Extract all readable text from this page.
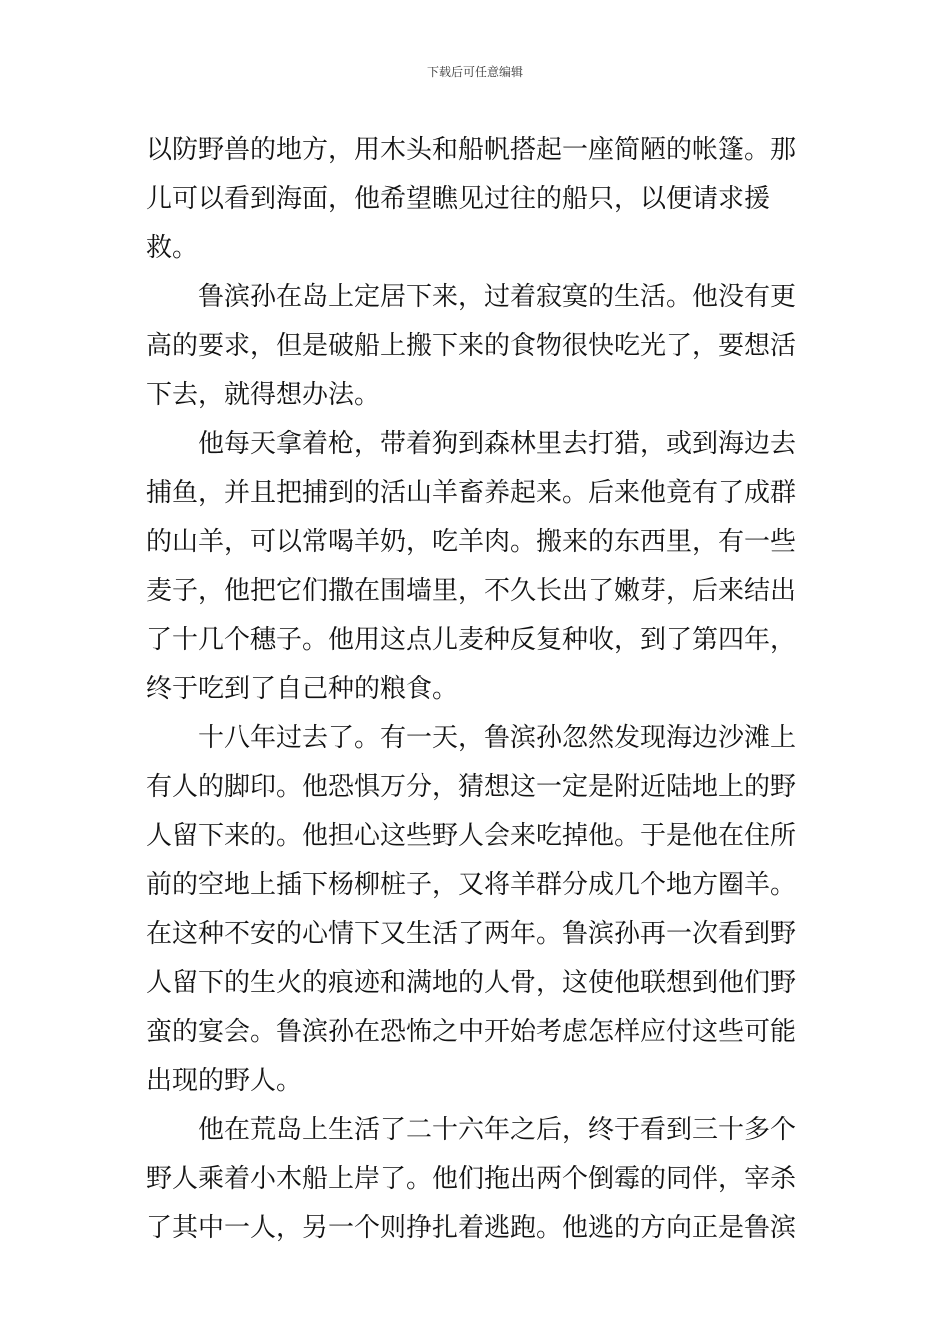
下载后可任意编辑

以防野兽的地方，用木头和船帆搭起一座简陋的帐篷。那儿可以看到海面，他希望瞧见过往的船只，以便请求援救。

鲁滨孙在岛上定居下来，过着寂寞的生活。他没有更高的要求，但是破船上搬下来的食物很快吃光了，要想活下去，就得想办法。

他每天拿着枪，带着狗到森林里去打猎，或到海边去捕鱼，并且把捕到的活山羊畜养起来。后来他竟有了成群的山羊，可以常喝羊奶，吃羊肉。搬来的东西里，有一些麦子，他把它们撒在围墙里，不久长出了嫩芽，后来结出了十几个穗子。他用这点儿麦种反复种收，到了第四年，终于吃到了自己种的粮食。

十八年过去了。有一天，鲁滨孙忽然发现海边沙滩上有人的脚印。他恐惧万分，猜想这一定是附近陆地上的野人留下来的。他担心这些野人会来吃掉他。于是他在住所前的空地上插下杨柳桩子，又将羊群分成几个地方圈羊。在这种不安的心情下又生活了两年。鲁滨孙再一次看到野人留下的生火的痕迹和满地的人骨，这使他联想到他们野蛮的宴会。鲁滨孙在恐怖之中开始考虑怎样应付这些可能出现的野人。

他在荒岛上生活了二十六年之后，终于看到三十多个野人乘着小木船上岸了。他们拖出两个倒霉的同伴，宰杀了其中一人，另一个则挣扎着逃跑。他逃的方向正是鲁滨
